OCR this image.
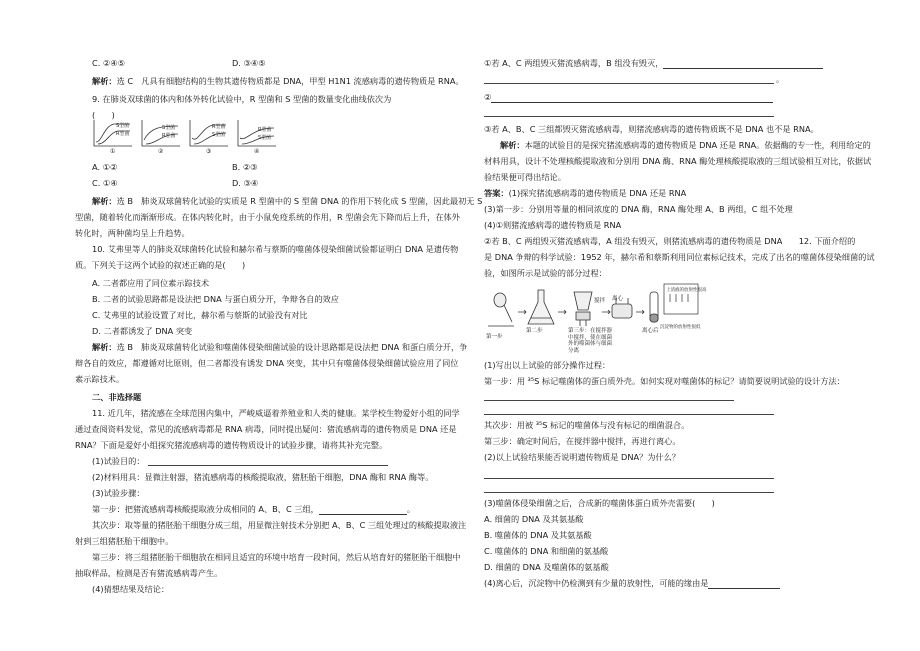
C. ②④⑤	D. ③④⑤
解析：选 C　凡具有细胞结构的生物其遗传物质都是 DNA，甲型 H1N1 流感病毒的遗传物质是 RNA。
9. 在肺炎双球菌的体内和体外转化试验中，R 型菌和 S 型菌的数量变化曲线依次为
(　　)
S型菌
R型菌
S型菌
R型菌
R型菌
S型菌
R型菌
S型菌
①	②	③	④
A. ①②	B. ②③
C. ①④	D. ③④
解析：选 B　肺炎双球菌转化试验的实质是 R 型菌中的 S 型菌 DNA 的作用下转化成 S 型菌，因此最初无 S
型菌，随着转化而渐渐形成。在体内转化时，由于小鼠免疫系统的作用，R 型菌会先下降而后上升，在体外
转化时，两种菌均呈上升趋势。
10. 艾弗里等人的肺炎双球菌转化试验和赫尔希与蔡斯的噬菌体侵染细菌试验都证明白 DNA 是遗传物
质。下列关于这两个试验的叙述正确的是(　　)
A. 二者都应用了同位素示踪技术
B. 二者的试验思路都是设法把 DNA 与蛋白质分开，争辩各自的效应
C. 艾弗里的试验设置了对比，赫尔希与蔡斯的试验没有对比
D. 二者都诱发了 DNA 突变
解析：选 B　肺炎双球菌转化试验和噬菌体侵染细菌试验的设计思路都是设法把 DNA 和蛋白质分开，争
辩各自的效应，都遵循对比原则，但二者都没有诱发 DNA 突变，其中只有噬菌体侵染细菌试验应用了同位
素示踪技术。
二、非选择题
11. 近几年，猪流感在全球范围内集中，严峻威逼着养殖业和人类的健康。某学校生物爱好小组的同学
通过查阅资料发觉，常见的流感病毒都是 RNA 病毒，同时提出疑问：猪流感病毒的遗传物质是 DNA 还是
RNA？下面是爱好小组探究猪流感病毒的遗传物质设计的试验步骤，请将其补充完整。
(1)试验目的：
(2)材料用具：显微注射器，猪流感病毒的核酸提取液，猪胚胎干细胞，DNA 酶和 RNA 酶等。
(3)试验步骤：
第一步：把猪流感病毒核酸提取液分成相同的 A、B、C 三组，	。
其次步：取等量的猪胚胎干细胞分成三组，用显微注射技术分别把 A、B、C 三组处理过的核酸提取液注
射到三组猪胚胎干细胞中。
第三步：将三组猪胚胎干细胞放在相同且适宜的环境中培育一段时间，然后从培育好的猪胚胎干细胞中
抽取样品，检测是否有猪流感病毒产生。
(4)猜想结果及结论：
①若 A、C 两组毁灭猪流感病毒，B 组没有毁灭，
。
②
③若 A、B、C 三组都毁灭猪流感病毒，则猪流感病毒的遗传物质既不是 DNA 也不是 RNA。
解析：本题的试验目的是探究猪流感病毒的遗传物质是 DNA 还是 RNA。依据酶的专一性，利用给定的
材料用具，设计不处理核酸提取液和分别用 DNA 酶、RNA 酶处理核酸提取液的三组试验相互对比，依据试
验结果便可得出结论。
答案：(1)探究猪流感病毒的遗传物质是 DNA 还是 RNA
(3)第一步：分别用等量的相同浓度的 DNA 酶，RNA 酶处理 A、B 两组，C 组不处理
(4)①则猪流感病毒的遗传物质是 RNA
②若 B、C 两组毁灭猪流感病毒，A 组没有毁灭，则猪流感病毒的遗传物质是 DNA　　12. 下面介绍的
是 DNA 争辩的科学试验：1952 年，赫尔希和蔡斯利用同位素标记技术，完成了出名的噬菌体侵染细菌的试
验，如图所示是试验的部分过程：
第一步
第二步
搅拌 离心
离心后
上清液的放射性很高
沉淀物的放射性很低
第三步：在搅拌器中搅拌，使在细菌外的噬菌体与细菌分离
(1)写出以上试验的部分操作过程：
第一步：用 ³⁵S 标记噬菌体的蛋白质外壳。如何实现对噬菌体的标记？请简要说明试验的设计方法：
其次步：用被 ³⁵S 标记的噬菌体与没有标记的细菌混合。
第三步：确定时间后，在搅拌器中搅拌，再进行离心。
(2)以上试验结果能否说明遗传物质是 DNA？为什么？
(3)噬菌体侵染细菌之后，合成新的噬菌体蛋白质外壳需要(　　)
A. 细菌的 DNA 及其氨基酸
B. 噬菌体的 DNA 及其氨基酸
C. 噬菌体的 DNA 和细菌的氨基酸
D. 细菌的 DNA 及噬菌体的氨基酸
(4)离心后，沉淀物中仍检测到有少量的放射性，可能的缘由是
